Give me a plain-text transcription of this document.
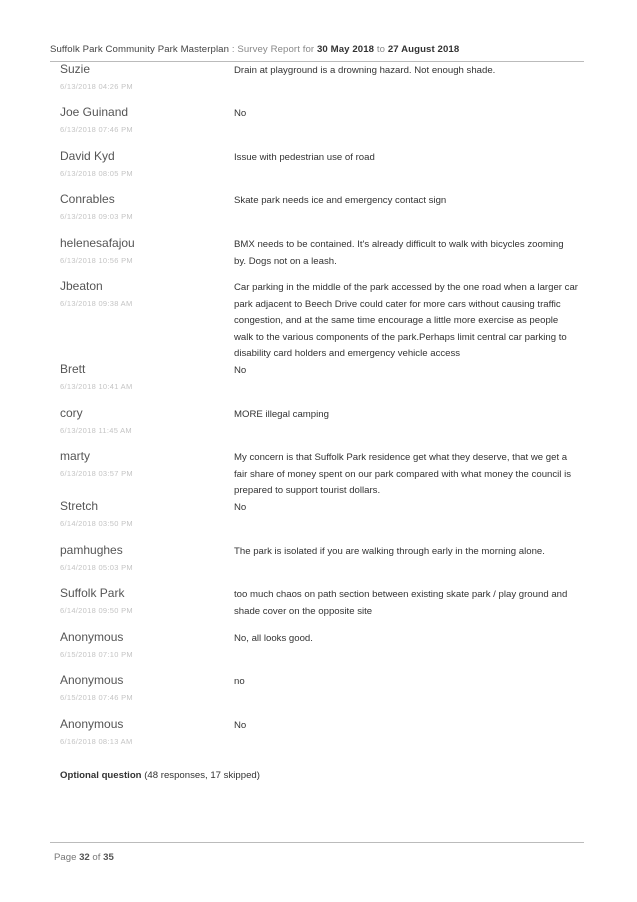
Suffolk Park Community Park Masterplan : Survey Report for 30 May 2018 to 27 August 2018
Suzie
6/13/2018 04:26 PM
Drain at playground is a drowning hazard. Not enough shade.
Joe Guinand
6/13/2018 07:46 PM
No
David Kyd
6/13/2018 08:05 PM
Issue with pedestrian use of road
Conrables
6/13/2018 09:03 PM
Skate park needs ice and emergency contact sign
helenesafajou
6/13/2018 10:56 PM
BMX needs to be contained. It's already difficult to walk with bicycles zooming by. Dogs not on a leash.
Jbeaton
6/13/2018 09:38 AM
Car parking in the middle of the park accessed by the one road when a larger car park adjacent to Beech Drive could cater for more cars without causing traffic congestion, and at the same time encourage a little more exercise as people walk to the various components of the park.Perhaps limit central car parking to disability card holders and emergency vehicle access
Brett
6/13/2018 10:41 AM
No
cory
6/13/2018 11:45 AM
MORE illegal camping
marty
6/13/2018 03:57 PM
My concern is that Suffolk Park residence get what they deserve, that we get a fair share of money spent on our park compared with what money the council is prepared to support tourist dollars.
Stretch
6/14/2018 03:50 PM
No
pamhughes
6/14/2018 05:03 PM
The park is isolated if you are walking through early in the morning alone.
Suffolk Park
6/14/2018 09:50 PM
too much chaos on path section between existing skate park / play ground and shade cover on the opposite site
Anonymous
6/15/2018 07:10 PM
No, all looks good.
Anonymous
6/15/2018 07:46 PM
no
Anonymous
6/16/2018 08:13 AM
No
Optional question (48 responses, 17 skipped)
Page 32 of 35
